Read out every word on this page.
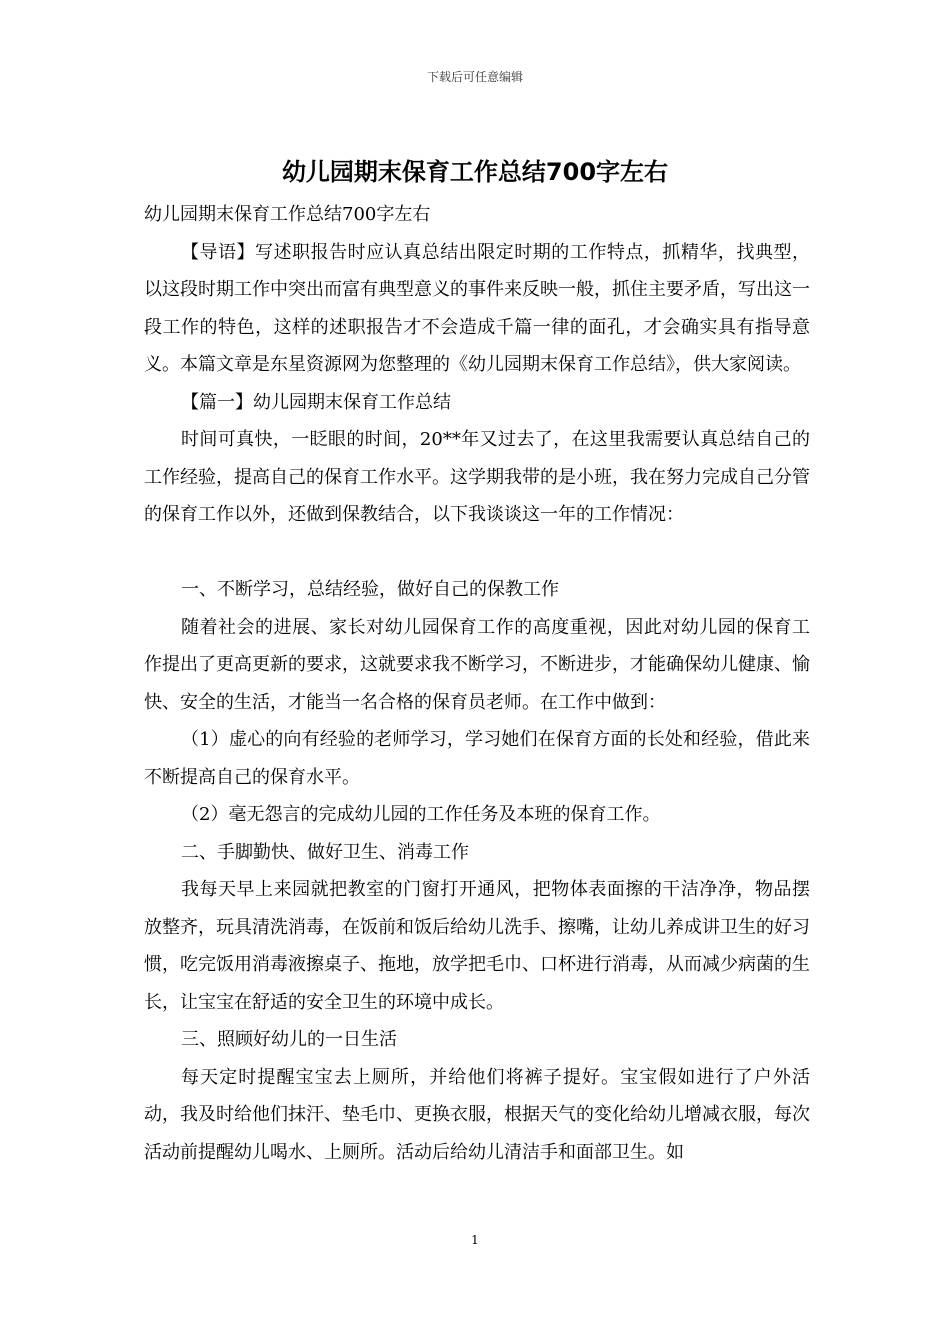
下载后可任意编辑
幼儿园期末保育工作总结700字左右

幼儿园期末保育工作总结700字左右

【导语】写述职报告时应认真总结出限定时期的工作特点，抓精华，找典型，以这段时期工作中突出而富有典型意义的事件来反映一般，抓住主要矛盾，写出这一段工作的特色，这样的述职报告才不会造成千篇一律的面孔，才会确实具有指导意义。本篇文章是东星资源网为您整理的《幼儿园期末保育工作总结》，供大家阅读。

【篇一】幼儿园期末保育工作总结

时间可真快，一眨眼的时间，20**年又过去了，在这里我需要认真总结自己的工作经验，提高自己的保育工作水平。这学期我带的是小班，我在努力完成自己分管的保育工作以外，还做到保教结合，以下我谈谈这一年的工作情况：

一、不断学习，总结经验，做好自己的保教工作

随着社会的进展、家长对幼儿园保育工作的高度重视，因此对幼儿园的保育工作提出了更高更新的要求，这就要求我不断学习，不断进步，才能确保幼儿健康、愉快、安全的生活，才能当一名合格的保育员老师。在工作中做到：

（1）虚心的向有经验的老师学习，学习她们在保育方面的长处和经验，借此来不断提高自己的保育水平。

（2）毫无怨言的完成幼儿园的工作任务及本班的保育工作。

二、手脚勤快、做好卫生、消毒工作

我每天早上来园就把教室的门窗打开通风，把物体表面擦的干洁净净，物品摆放整齐，玩具清洗消毒，在饭前和饭后给幼儿洗手、擦嘴，让幼儿养成讲卫生的好习惯，吃完饭用消毒液擦桌子、拖地，放学把毛巾、口杯进行消毒，从而减少病菌的生长，让宝宝在舒适的安全卫生的环境中成长。

三、照顾好幼儿的一日生活

每天定时提醒宝宝去上厕所，并给他们将裤子提好。宝宝假如进行了户外活动，我及时给他们抹汗、垫毛巾、更换衣服，根据天气的变化给幼儿增减衣服，每次活动前提醒幼儿喝水、上厕所。活动后给幼儿清洁手和面部卫生。如

1
